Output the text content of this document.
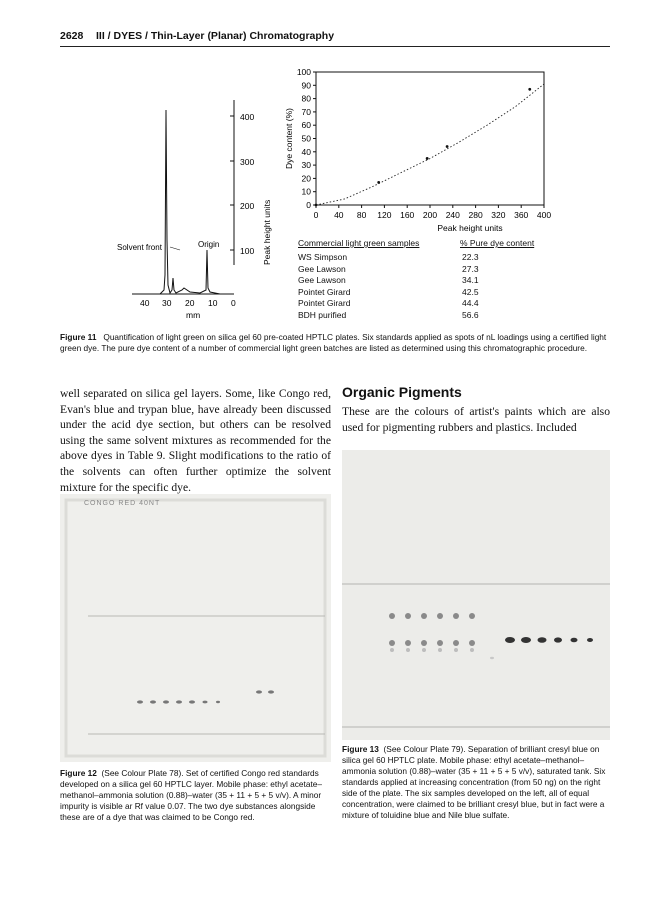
2628 III / DYES / Thin-Layer (Planar) Chromatography
400
300
200
100 Peak height units
Solvent front	Origin
40 30 20 10 0
mm
0
10
20
30
40
50
60
70
80
90
100
0 40 80 120 160 200 240 280 320 360 400
Peak height units
Dye content (%)
Commercial light green samples	% Pure dye content
WS Simpson	22.3
Gee Lawson	27.3
Gee Lawson	34.1
Pointet Girard	42.5
Pointet Girard	44.4
BDH purified	56.6
Figure 11 Quantification of light green on silica gel 60 pre-coated HPTLC plates. Six standards applied as spots of nL loadings using a certified light green dye. The pure dye content of a number of commercial light green batches are listed as determined using this chromatographic procedure.
well separated on silica gel layers. Some, like Congo red, Evan's blue and trypan blue, have already been discussed under the acid dye section, but others can be resolved using the same solvent mixtures as recommended for the above dyes in Table 9. Slight modifications to the ratio of the solvents can often further optimize the solvent mixture for the specific dye.
Organic Pigments
These are the colours of artist's paints which are also used for pigmenting rubbers and plastics. Included
CONGO RED 40NT
Figure 12 (See Colour Plate 78). Set of certified Congo red standards developed on a silica gel 60 HPTLC layer. Mobile phase: ethyl acetate–methanol–ammonia solution (0.88)–water (35 + 11 + 5 + 5 v/v). A minor impurity is visible ar Rf value 0.07. The two dye substances alongside these are of a dye that was claimed to be Congo red.
Figure 13 (See Colour Plate 79). Separation of brilliant cresyl blue on silica gel 60 HPTLC plate. Mobile phase: ethyl acetate–methanol–ammonia solution (0.88)–water (35 + 11 + 5 + 5 v/v), saturated tank. Six standards applied at increasing concentration (from 50 ng) on the right side of the plate. The six samples developed on the left, all of equal concentration, were claimed to be brilliant cresyl blue, but in fact were a mixture of toluidine blue and Nile blue sulfate.
